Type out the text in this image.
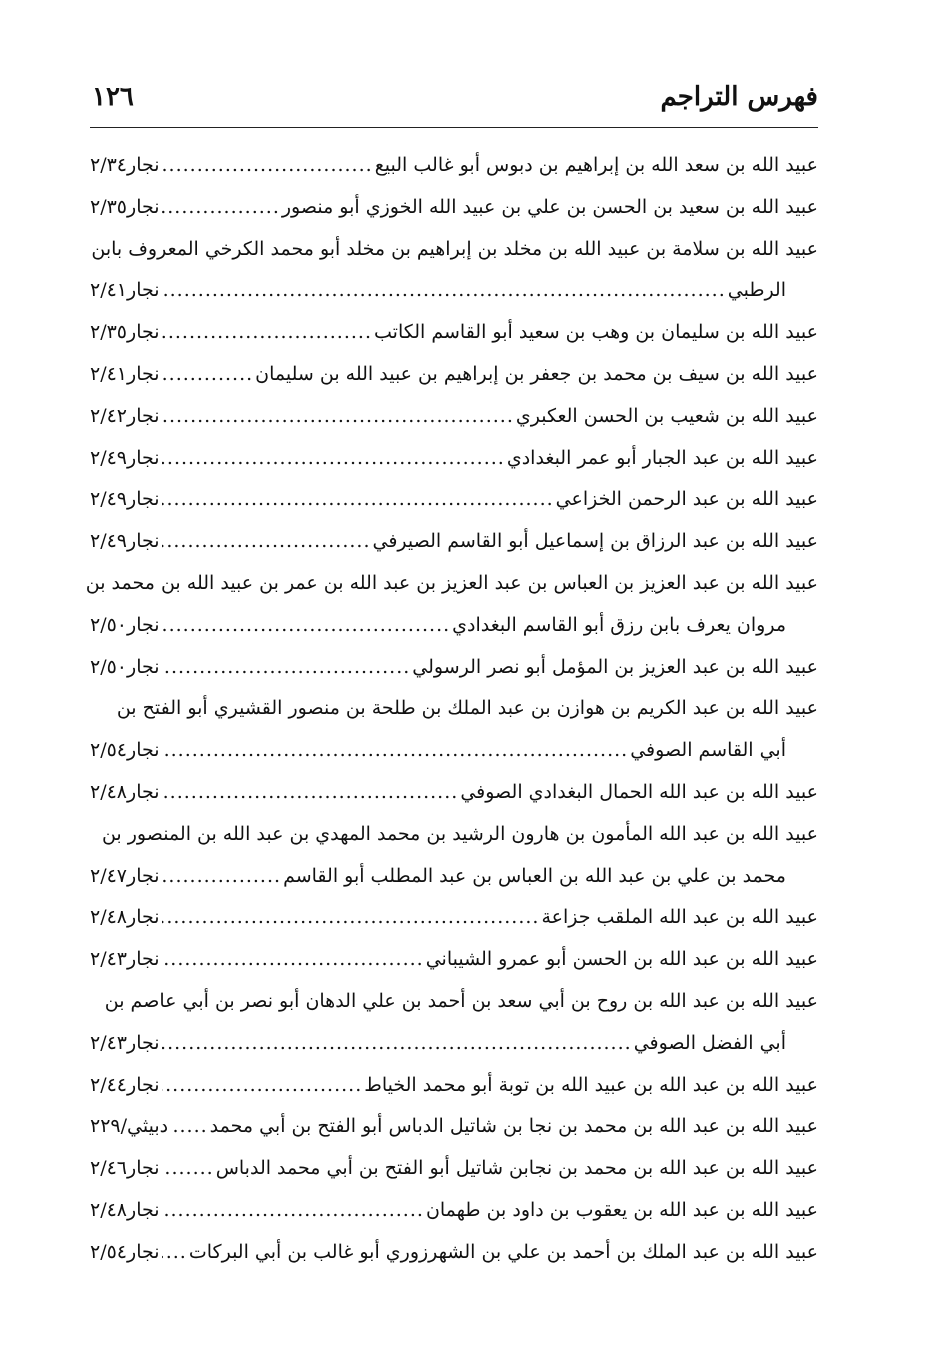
فهرس التراجم
١٢٦
عبيد الله بن سعد الله بن إبراهيم بن دبوس أبو غالب البيع
.....
نجار٢/٣٤
عبيد الله بن سعيد بن الحسن بن علي بن عبيد الله الخوزي أبو منصور
.....
نجار٢/٣٥
عبيد الله بن سلامة بن عبيد الله بن مخلد بن إبراهيم بن مخلد أبو محمد الكرخي المعروف بابن
الرطبي
.....
نجار٢/٤١
عبيد الله بن سليمان بن وهب بن سعيد أبو القاسم الكاتب
.....
نجار٢/٣٥
عبيد الله بن سيف بن محمد بن جعفر بن إبراهيم بن عبيد الله بن سليمان
.....
نجار٢/٤١
عبيد الله بن شعيب بن الحسن العكبري
.....
نجار٢/٤٢
عبيد الله بن عبد الجبار أبو عمر البغدادي
.....
نجار٢/٤٩
عبيد الله بن عبد الرحمن الخزاعي
.....
نجار٢/٤٩
عبيد الله بن عبد الرزاق بن إسماعيل أبو القاسم الصيرفي
.....
نجار٢/٤٩
عبيد الله بن عبد العزيز بن العباس بن عبد العزيز بن عبد الله بن عمر بن عبيد الله بن محمد بن
مروان يعرف بابن رزق أبو القاسم البغدادي
.....
نجار٢/٥٠
عبيد الله بن عبد العزيز بن المؤمل أبو نصر الرسولي
.....
نجار٢/٥٠
عبيد الله بن عبد الكريم بن هوازن بن عبد الملك بن طلحة بن منصور القشيري أبو الفتح بن
أبي القاسم الصوفي
.....
نجار٢/٥٤
عبيد الله بن عبد الله الحمال البغدادي الصوفي
.....
نجار٢/٤٨
عبيد الله بن عبد الله المأمون بن هارون الرشيد بن محمد المهدي بن عبد الله بن المنصور بن
محمد بن علي بن عبد الله بن العباس بن عبد المطلب أبو القاسم
.....
نجار٢/٤٧
عبيد الله بن عبد الله الملقب جزاعة
.....
نجار٢/٤٨
عبيد الله بن عبد الله بن الحسن أبو عمرو الشيباني
.....
نجار٢/٤٣
عبيد الله بن عبد الله بن روح بن أبي سعد بن أحمد بن علي الدهان أبو نصر بن أبي عاصم بن
أبي الفضل الصوفي
.....
نجار٢/٤٣
عبيد الله بن عبد الله بن عبيد الله بن توبة أبو محمد الخياط
.....
نجار٢/٤٤
عبيد الله بن عبد الله بن محمد بن نجا بن شاتيل الدباس أبو الفتح بن أبي محمد
.....
دبيثي/٢٢٩
عبيد الله بن عبد الله بن محمد بن نجابن شاتيل أبو الفتح بن أبي محمد الدباس
.....
نجار٢/٤٦
عبيد الله بن عبد الله بن يعقوب بن داود بن طهمان
.....
نجار٢/٤٨
عبيد الله بن عبد الملك بن أحمد بن علي بن الشهرزوري أبو غالب بن أبي البركات
.....
نجار٢/٥٤
